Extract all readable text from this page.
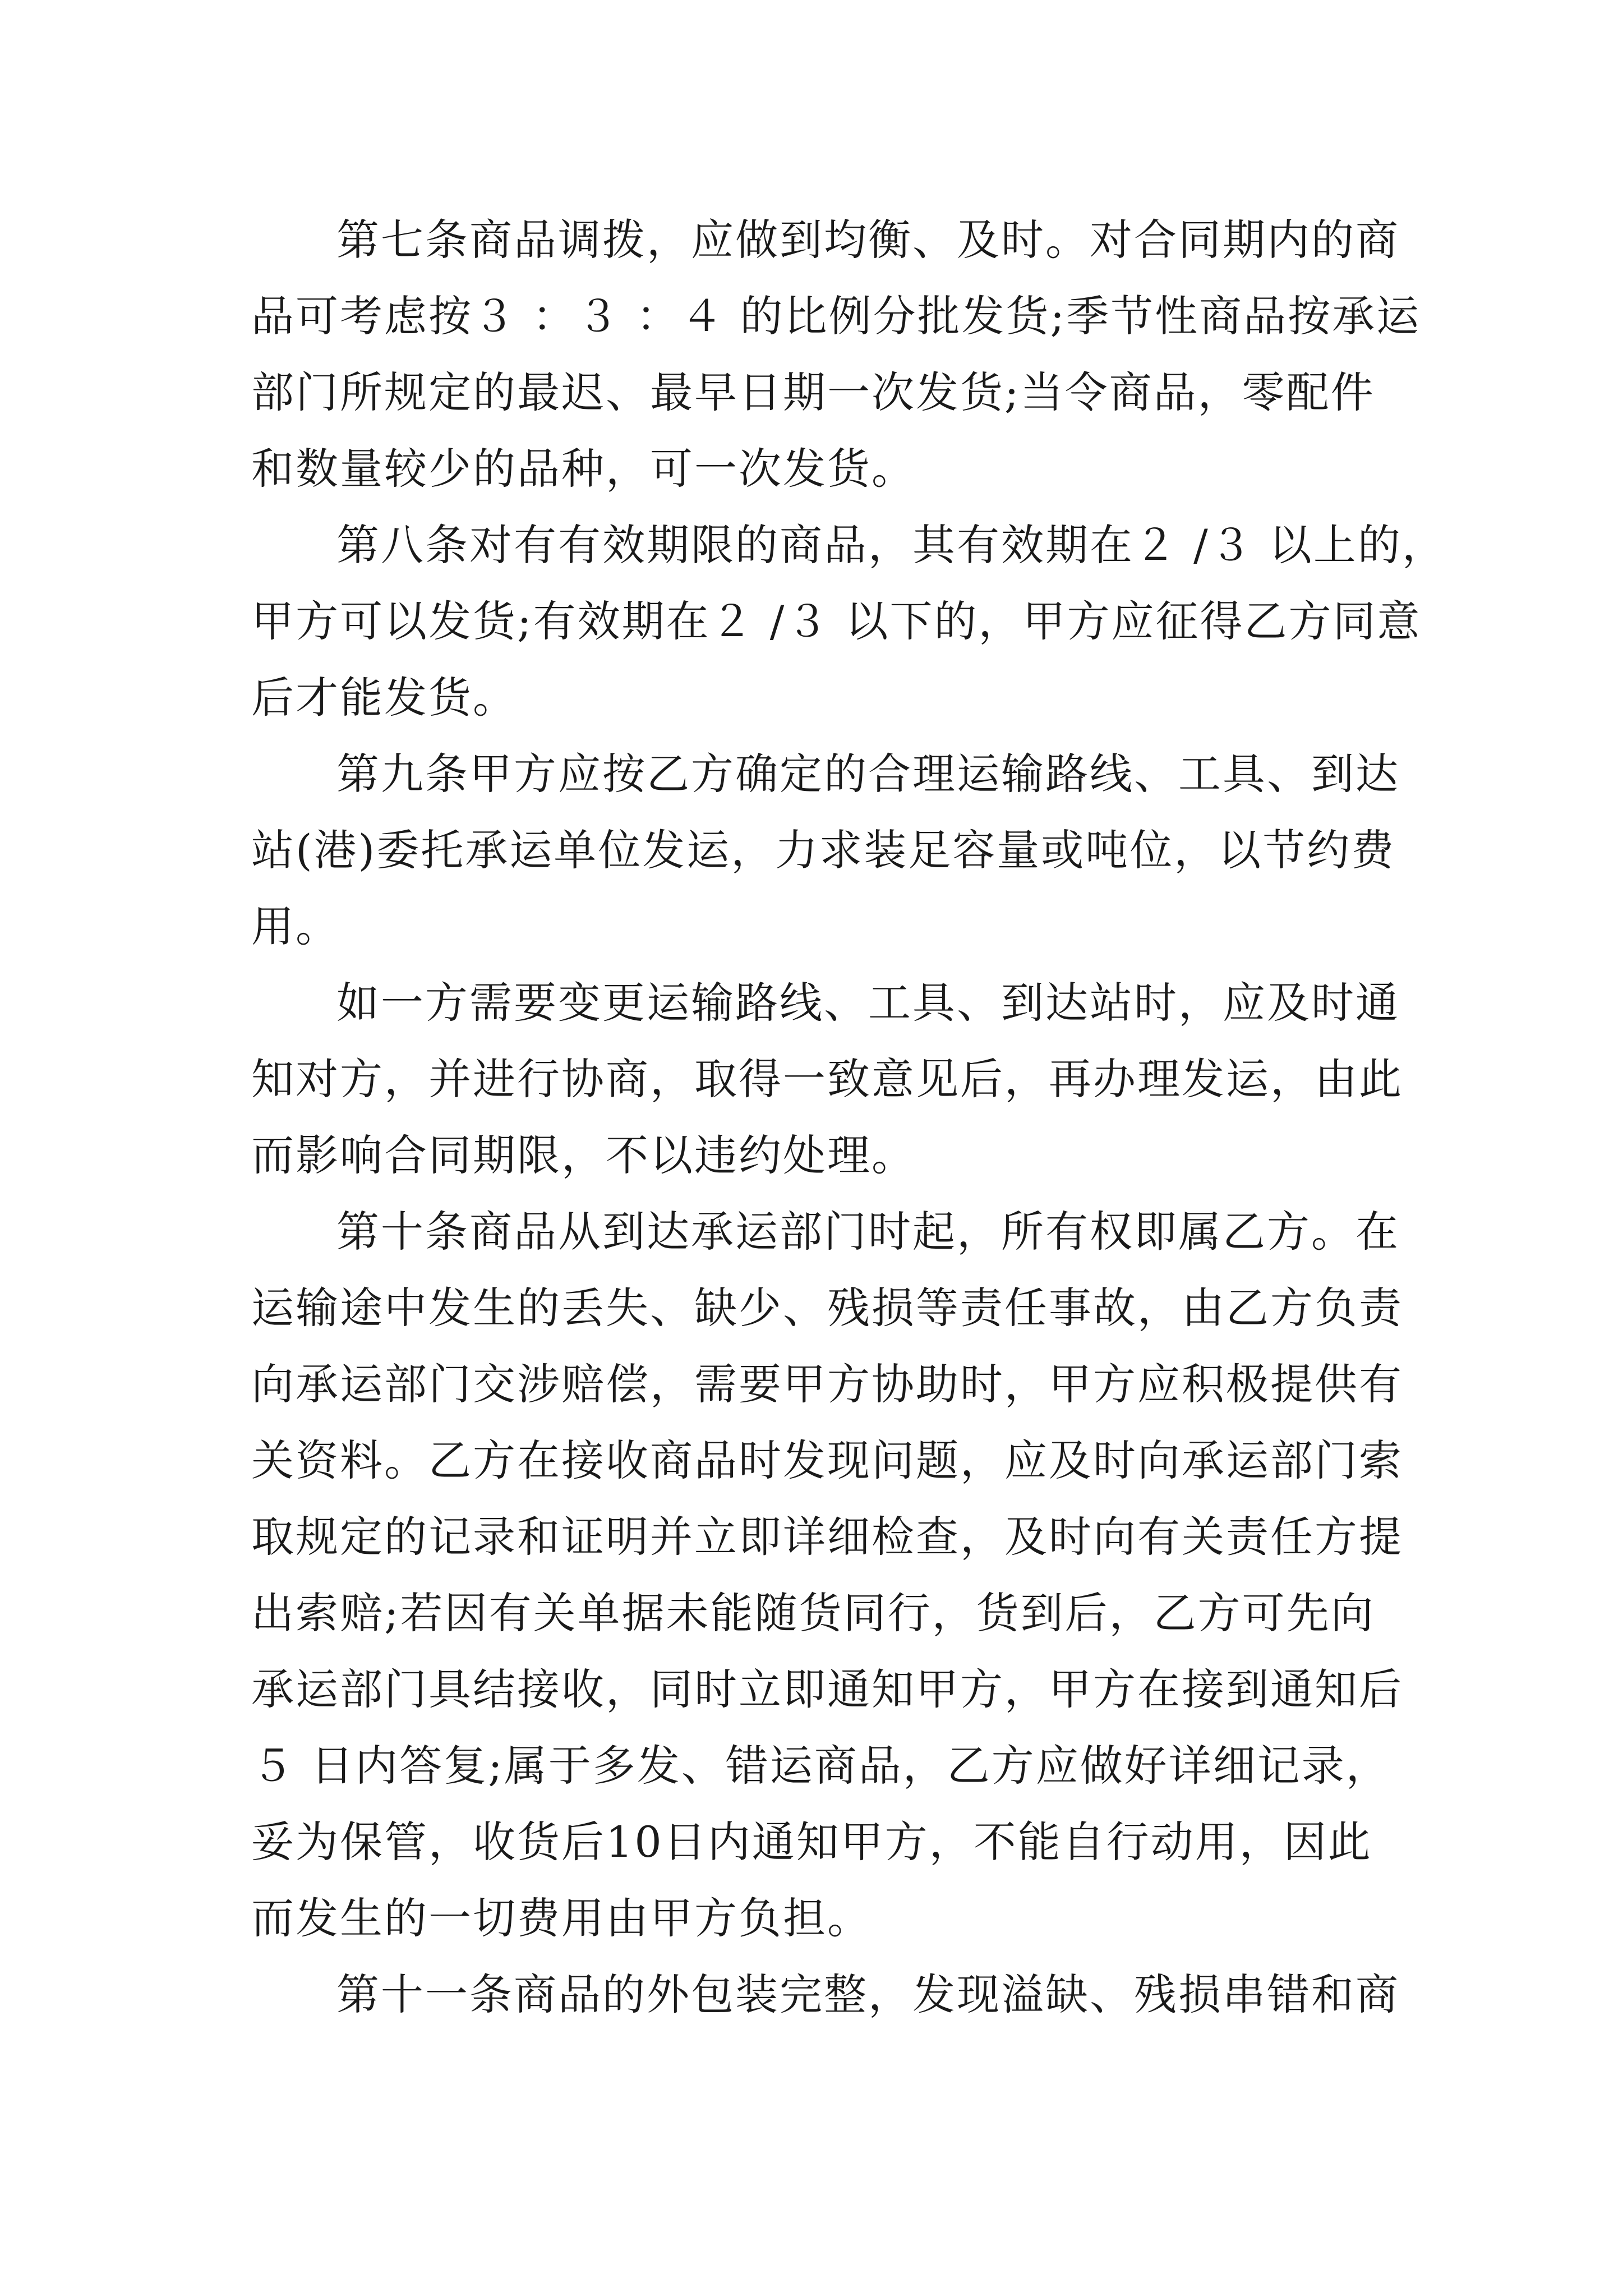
第七条商品调拨，应做到均衡、及时。对合同期内的商
品可考虑按３ ：３ ：４ 的比例分批发货;季节性商品按承运
部门所规定的最迟、最早日期一次发货;当令商品，零配件
和数量较少的品种，可一次发货。
第八条对有有效期限的商品，其有效期在２ /３ 以上的，
甲方可以发货;有效期在２ /３ 以下的，甲方应征得乙方同意
后才能发货。
第九条甲方应按乙方确定的合理运输路线、工具、到达
站(港)委托承运单位发运，力求装足容量或吨位，以节约费
用。
如一方需要变更运输路线、工具、到达站时，应及时通
知对方，并进行协商，取得一致意见后，再办理发运，由此
而影响合同期限，不以违约处理。
第十条商品从到达承运部门时起，所有权即属乙方。在
运输途中发生的丢失、缺少、残损等责任事故，由乙方负责
向承运部门交涉赔偿，需要甲方协助时，甲方应积极提供有
关资料。乙方在接收商品时发现问题，应及时向承运部门索
取规定的记录和证明并立即详细检查，及时向有关责任方提
出索赔;若因有关单据未能随货同行，货到后，乙方可先向
承运部门具结接收，同时立即通知甲方，甲方在接到通知后
５ 日内答复;属于多发、错运商品，乙方应做好详细记录，
妥为保管，收货后10日内通知甲方，不能自行动用，因此
而发生的一切费用由甲方负担。
第十一条商品的外包装完整，发现溢缺、残损串错和商
